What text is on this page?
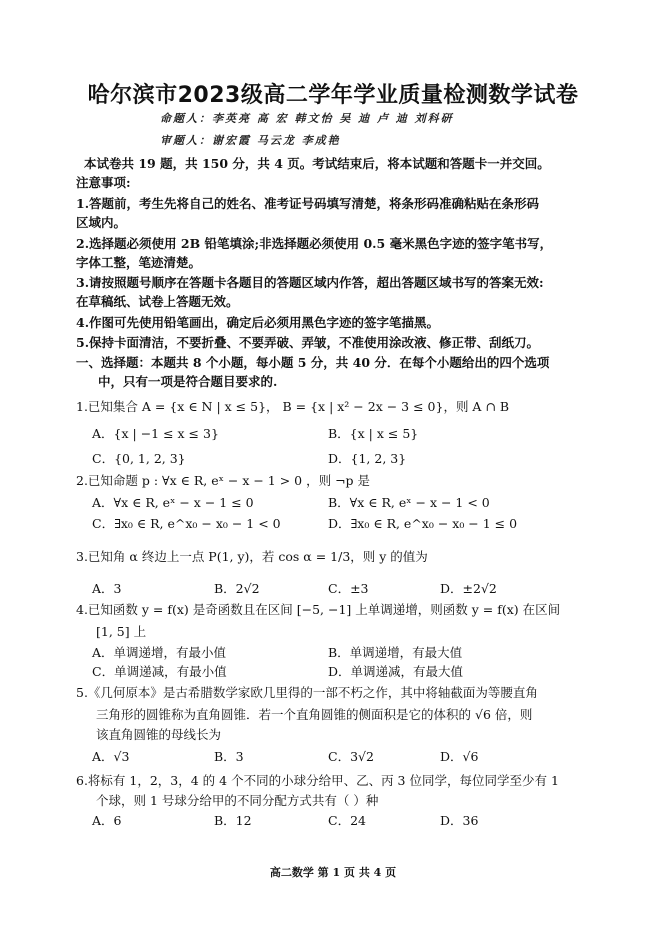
哈尔滨市2023级高二学年学业质量检测数学试卷
命题人：李英亮 高 宏 韩文怡 吴 迪 卢 迪 刘科研
审题人：谢宏霞 马云龙 李成艳
本试卷共 19 题，共 150 分，共 4 页。考试结束后，将本试题和答题卡一并交回。
注意事项:
1.答题前，考生先将自己的姓名、准考证号码填写清楚，将条形码准确粘贴在条形码
区域内。
2.选择题必须使用 2B 铅笔填涂;非选择题必须使用 0.5 毫米黑色字迹的签字笔书写，
字体工整，笔迹清楚。
3.请按照题号顺序在答题卡各题目的答题区域内作答，超出答题区域书写的答案无效:
在草稿纸、试卷上答题无效。
4.作图可先使用铅笔画出，确定后必须用黑色字迹的签字笔描黑。
5.保持卡面清洁，不要折叠、不要弄破、弄皱，不准使用涂改液、修正带、刮纸刀。
一、选择题：本题共 8 个小题，每小题 5 分，共 40 分．在每个小题给出的四个选项
中，只有一项是符合题目要求的.
1.已知集合 A = {x ∈ N | x ≤ 5}， B = {x | x² − 2x − 3 ≤ 0}，则 A ∩ B
A．{x | −1 ≤ x ≤ 3}	B．{x | x ≤ 5}
C．{0, 1, 2, 3}	D．{1, 2, 3}
2.已知命题 p : ∀x ∈ R, eˣ − x − 1 > 0 ，则 ¬p 是
A．∀x ∈ R, eˣ − x − 1 ≤ 0	B．∀x ∈ R, eˣ − x − 1 < 0
C．∃x₀ ∈ R, e^x₀ − x₀ − 1 < 0	D．∃x₀ ∈ R, e^x₀ − x₀ − 1 ≤ 0
3.已知角 α 终边上一点 P(1, y)，若 cos α = 1/3，则 y 的值为
A．3	B．2√2	C．±3	D．±2√2
4.已知函数 y = f(x) 是奇函数且在区间 [−5, −1] 上单调递增，则函数 y = f(x) 在区间
[1, 5] 上
A．单调递增，有最小值	B．单调递增，有最大值
C．单调递减，有最小值	D．单调递减，有最大值
5.《几何原本》是古希腊数学家欧几里得的一部不朽之作，其中将轴截面为等腰直角
三角形的圆锥称为直角圆锥．若一个直角圆锥的侧面积是它的体积的 √6 倍，则
该直角圆锥的母线长为
A．√3	B．3	C．3√2	D．√6
6.将标有 1，2，3，4 的 4 个不同的小球分给甲、乙、丙 3 位同学，每位同学至少有 1
个球，则 1 号球分给甲的不同分配方式共有（ ）种
A．6	B．12	C．24	D．36
高二数学 第 1 页 共 4 页
